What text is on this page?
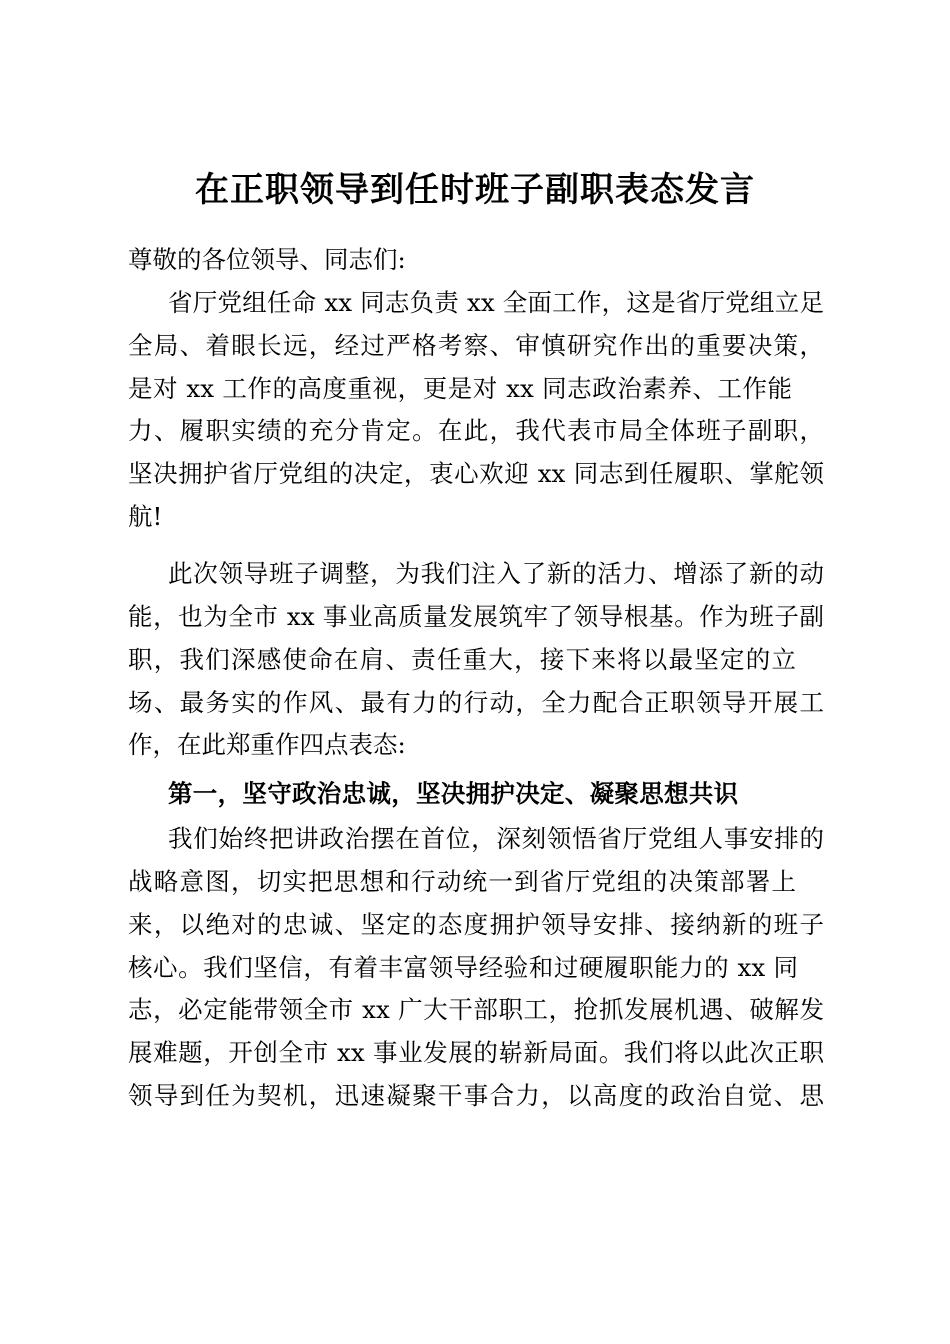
在正职领导到任时班子副职表态发言
尊敬的各位领导、同志们:
省厅党组任命 xx 同志负责 xx 全面工作，这是省厅党组立足
全局、着眼长远，经过严格考察、审慎研究作出的重要决策，
是对 xx 工作的高度重视，更是对 xx 同志政治素养、工作能
力、履职实绩的充分肯定。在此，我代表市局全体班子副职，
坚决拥护省厅党组的决定，衷心欢迎 xx 同志到任履职、掌舵领
航!
此次领导班子调整，为我们注入了新的活力、增添了新的动
能，也为全市 xx 事业高质量发展筑牢了领导根基。作为班子副
职，我们深感使命在肩、责任重大，接下来将以最坚定的立
场、最务实的作风、最有力的行动，全力配合正职领导开展工
作，在此郑重作四点表态:
第一，坚守政治忠诚，坚决拥护决定、凝聚思想共识
我们始终把讲政治摆在首位，深刻领悟省厅党组人事安排的
战略意图，切实把思想和行动统一到省厅党组的决策部署上
来，以绝对的忠诚、坚定的态度拥护领导安排、接纳新的班子
核心。我们坚信，有着丰富领导经验和过硬履职能力的 xx 同
志，必定能带领全市 xx 广大干部职工，抢抓发展机遇、破解发
展难题，开创全市 xx 事业发展的崭新局面。我们将以此次正职
领导到任为契机，迅速凝聚干事合力，以高度的政治自觉、思
